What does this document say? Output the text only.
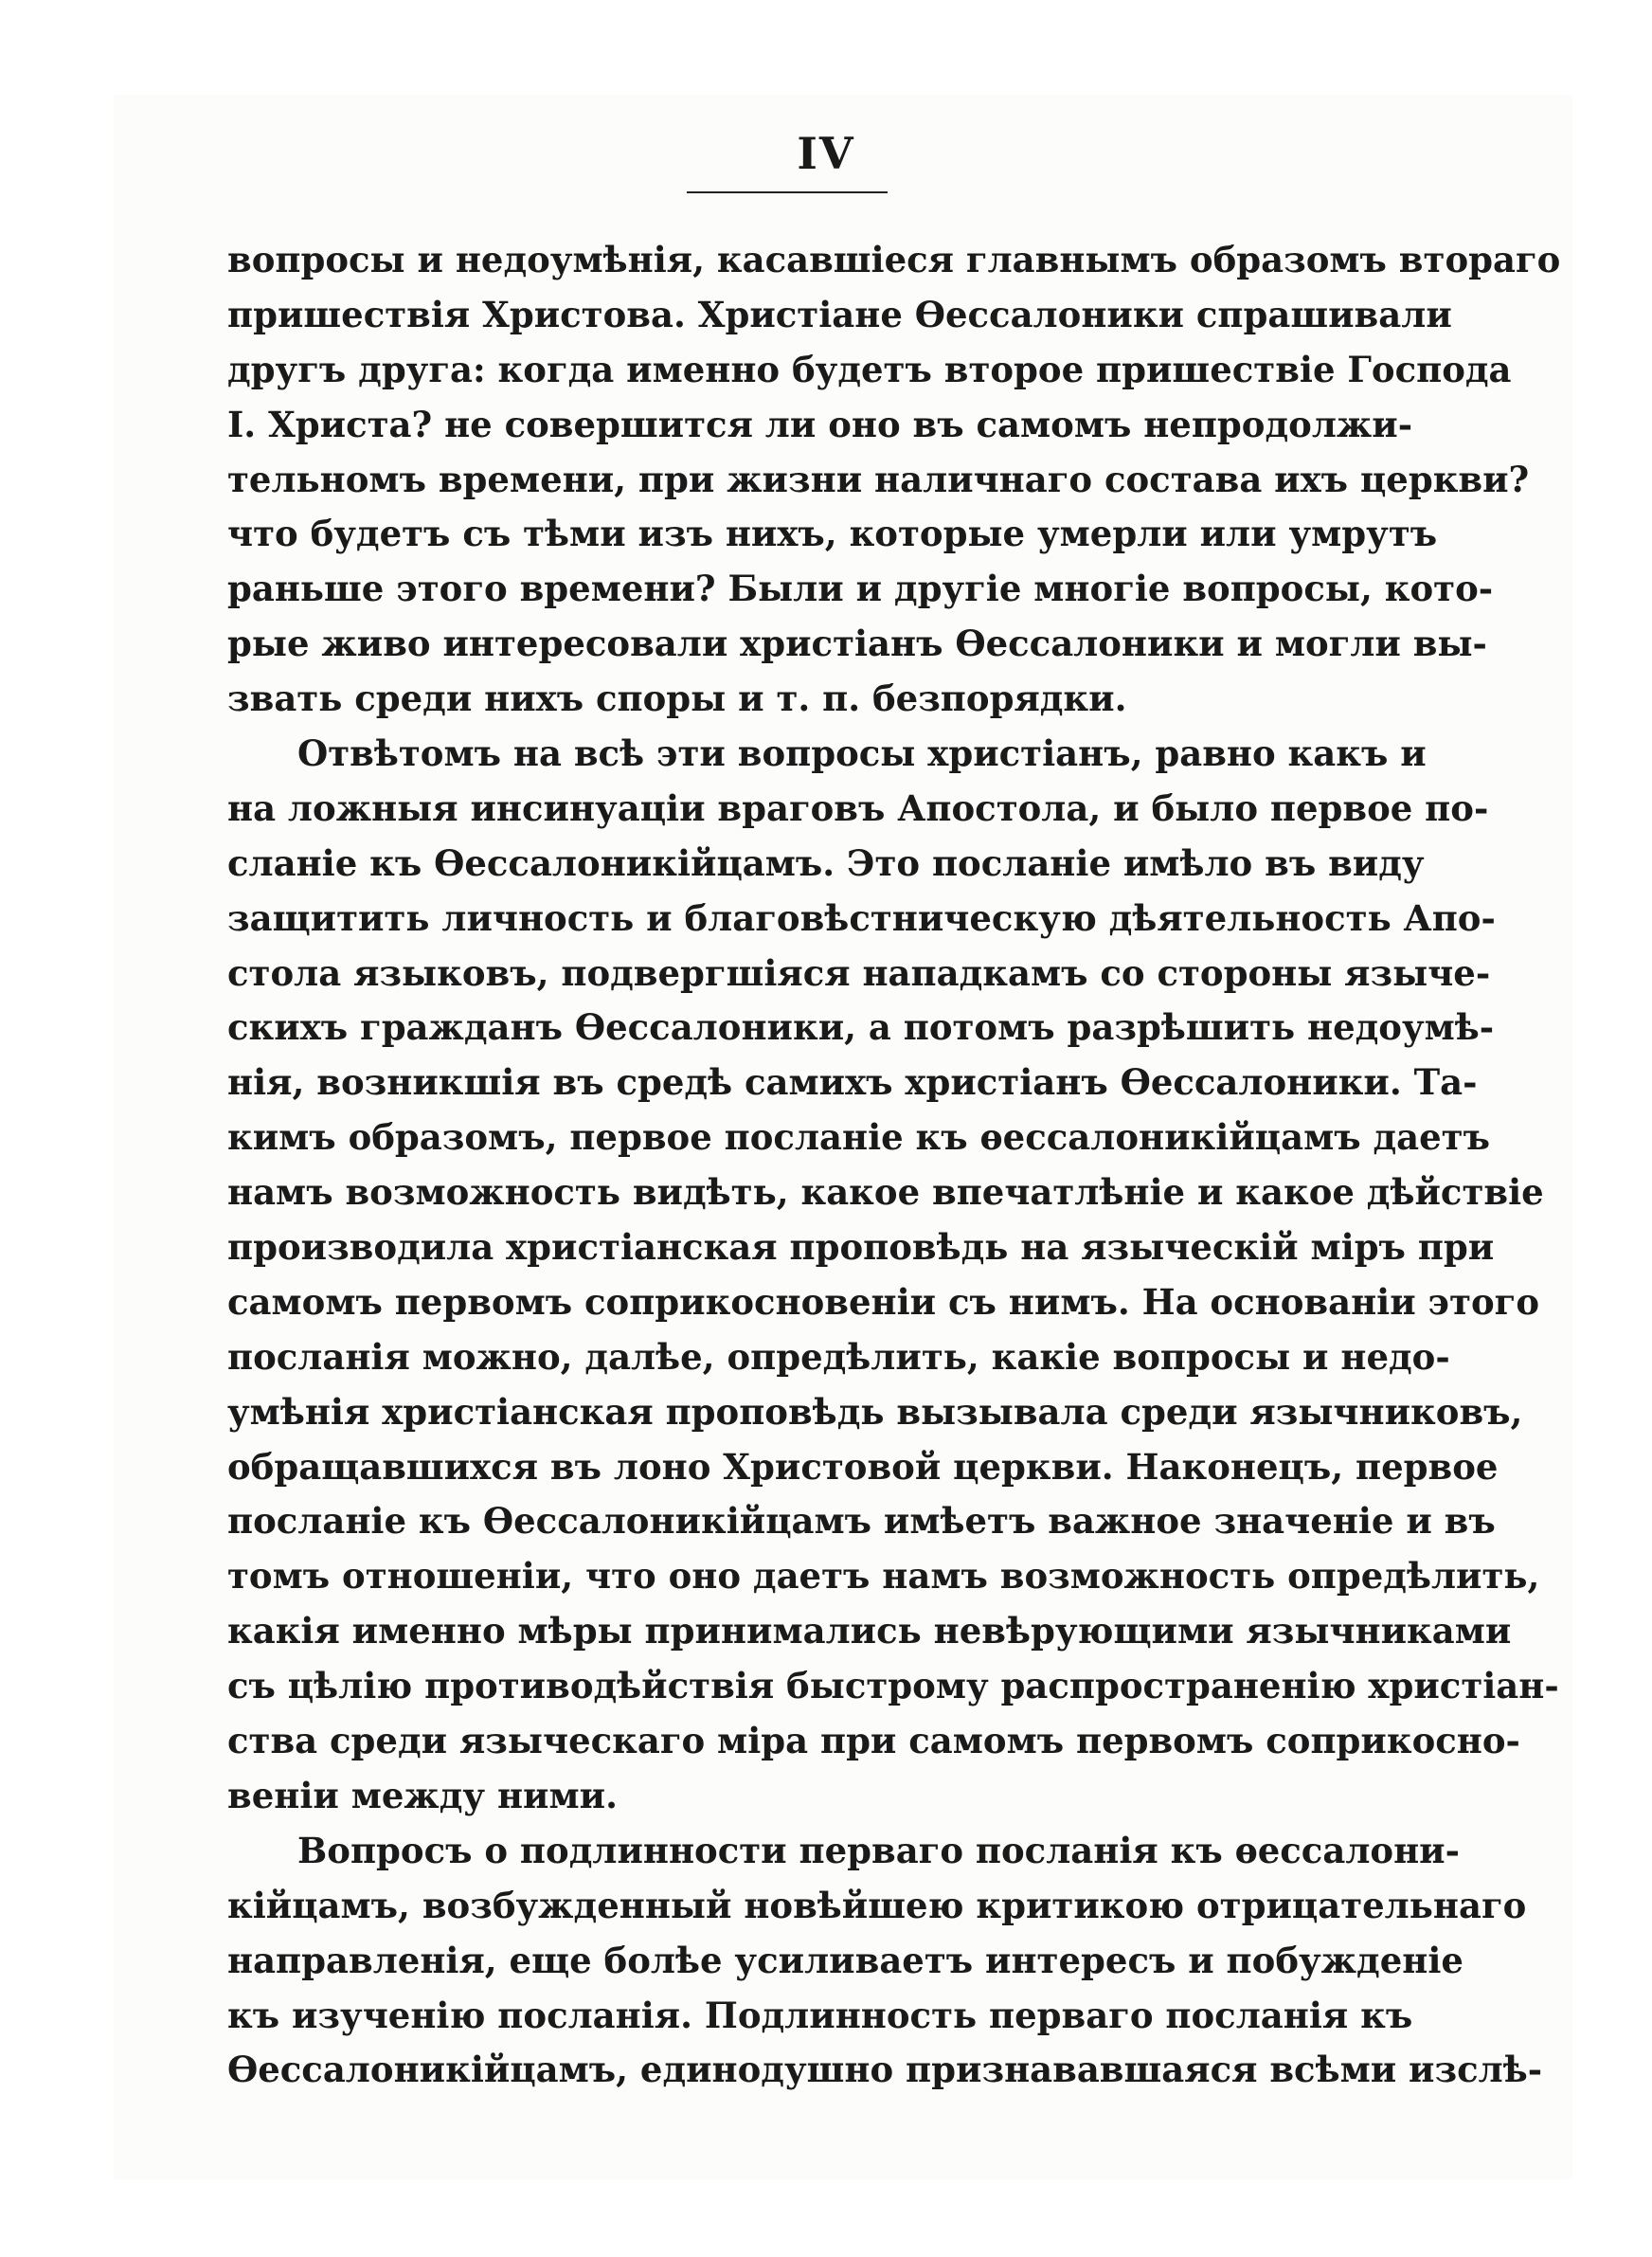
IV
вопросы и недоумѣнія, касавшіеся главнымъ образомъ втораго
пришествія Христова. Христіане Ѳессалоники спрашивали
другъ друга: когда именно будетъ второе пришествіе Господа
I. Христа? не совершится ли оно въ самомъ непродолжи-
тельномъ времени, при жизни наличнаго состава ихъ церкви?
что будетъ съ тѣми изъ нихъ, которые умерли или умрутъ
раньше этого времени? Были и другіе многіе вопросы, кото-
рые живо интересовали христіанъ Ѳессалоники и могли вы-
звать среди нихъ споры и т. п. безпорядки.
Отвѣтомъ на всѣ эти вопросы христіанъ, равно какъ и
на ложныя инсинуаціи враговъ Апостола, и было первое по-
сланіе къ Ѳессалоникійцамъ. Это посланіе имѣло въ виду
защитить личность и благовѣстническую дѣятельность Апо-
стола языковъ, подвергшіяся нападкамъ со стороны языче-
скихъ гражданъ Ѳессалоники, а потомъ разрѣшить недоумѣ-
нія, возникшія въ средѣ самихъ христіанъ Ѳессалоники. Та-
кимъ образомъ, первое посланіе къ ѳессалоникійцамъ даетъ
намъ возможность видѣть, какое впечатлѣніе и какое дѣйствіе
производила христіанская проповѣдь на языческій міръ при
самомъ первомъ соприкосновеніи съ нимъ. На основаніи этого
посланія можно, далѣе, опредѣлить, какіе вопросы и недо-
умѣнія христіанская проповѣдь вызывала среди язычниковъ,
обращавшихся въ лоно Христовой церкви. Наконецъ, первое
посланіе къ Ѳессалоникійцамъ имѣетъ важное значеніе и въ
томъ отношеніи, что оно даетъ намъ возможность опредѣлить,
какія именно мѣры принимались невѣрующими язычниками
съ цѣлію противодѣйствія быстрому распространенію христіан-
ства среди языческаго міра при самомъ первомъ соприкосно-
веніи между ними.
Вопросъ о подлинности перваго посланія къ ѳессалони-
кійцамъ, возбужденный новѣйшею критикою отрицательнаго
направленія, еще болѣе усиливаетъ интересъ и побужденіе
къ изученію посланія. Подлинность перваго посланія къ
Ѳессалоникійцамъ, единодушно признававшаяся всѣми изслѣ-
